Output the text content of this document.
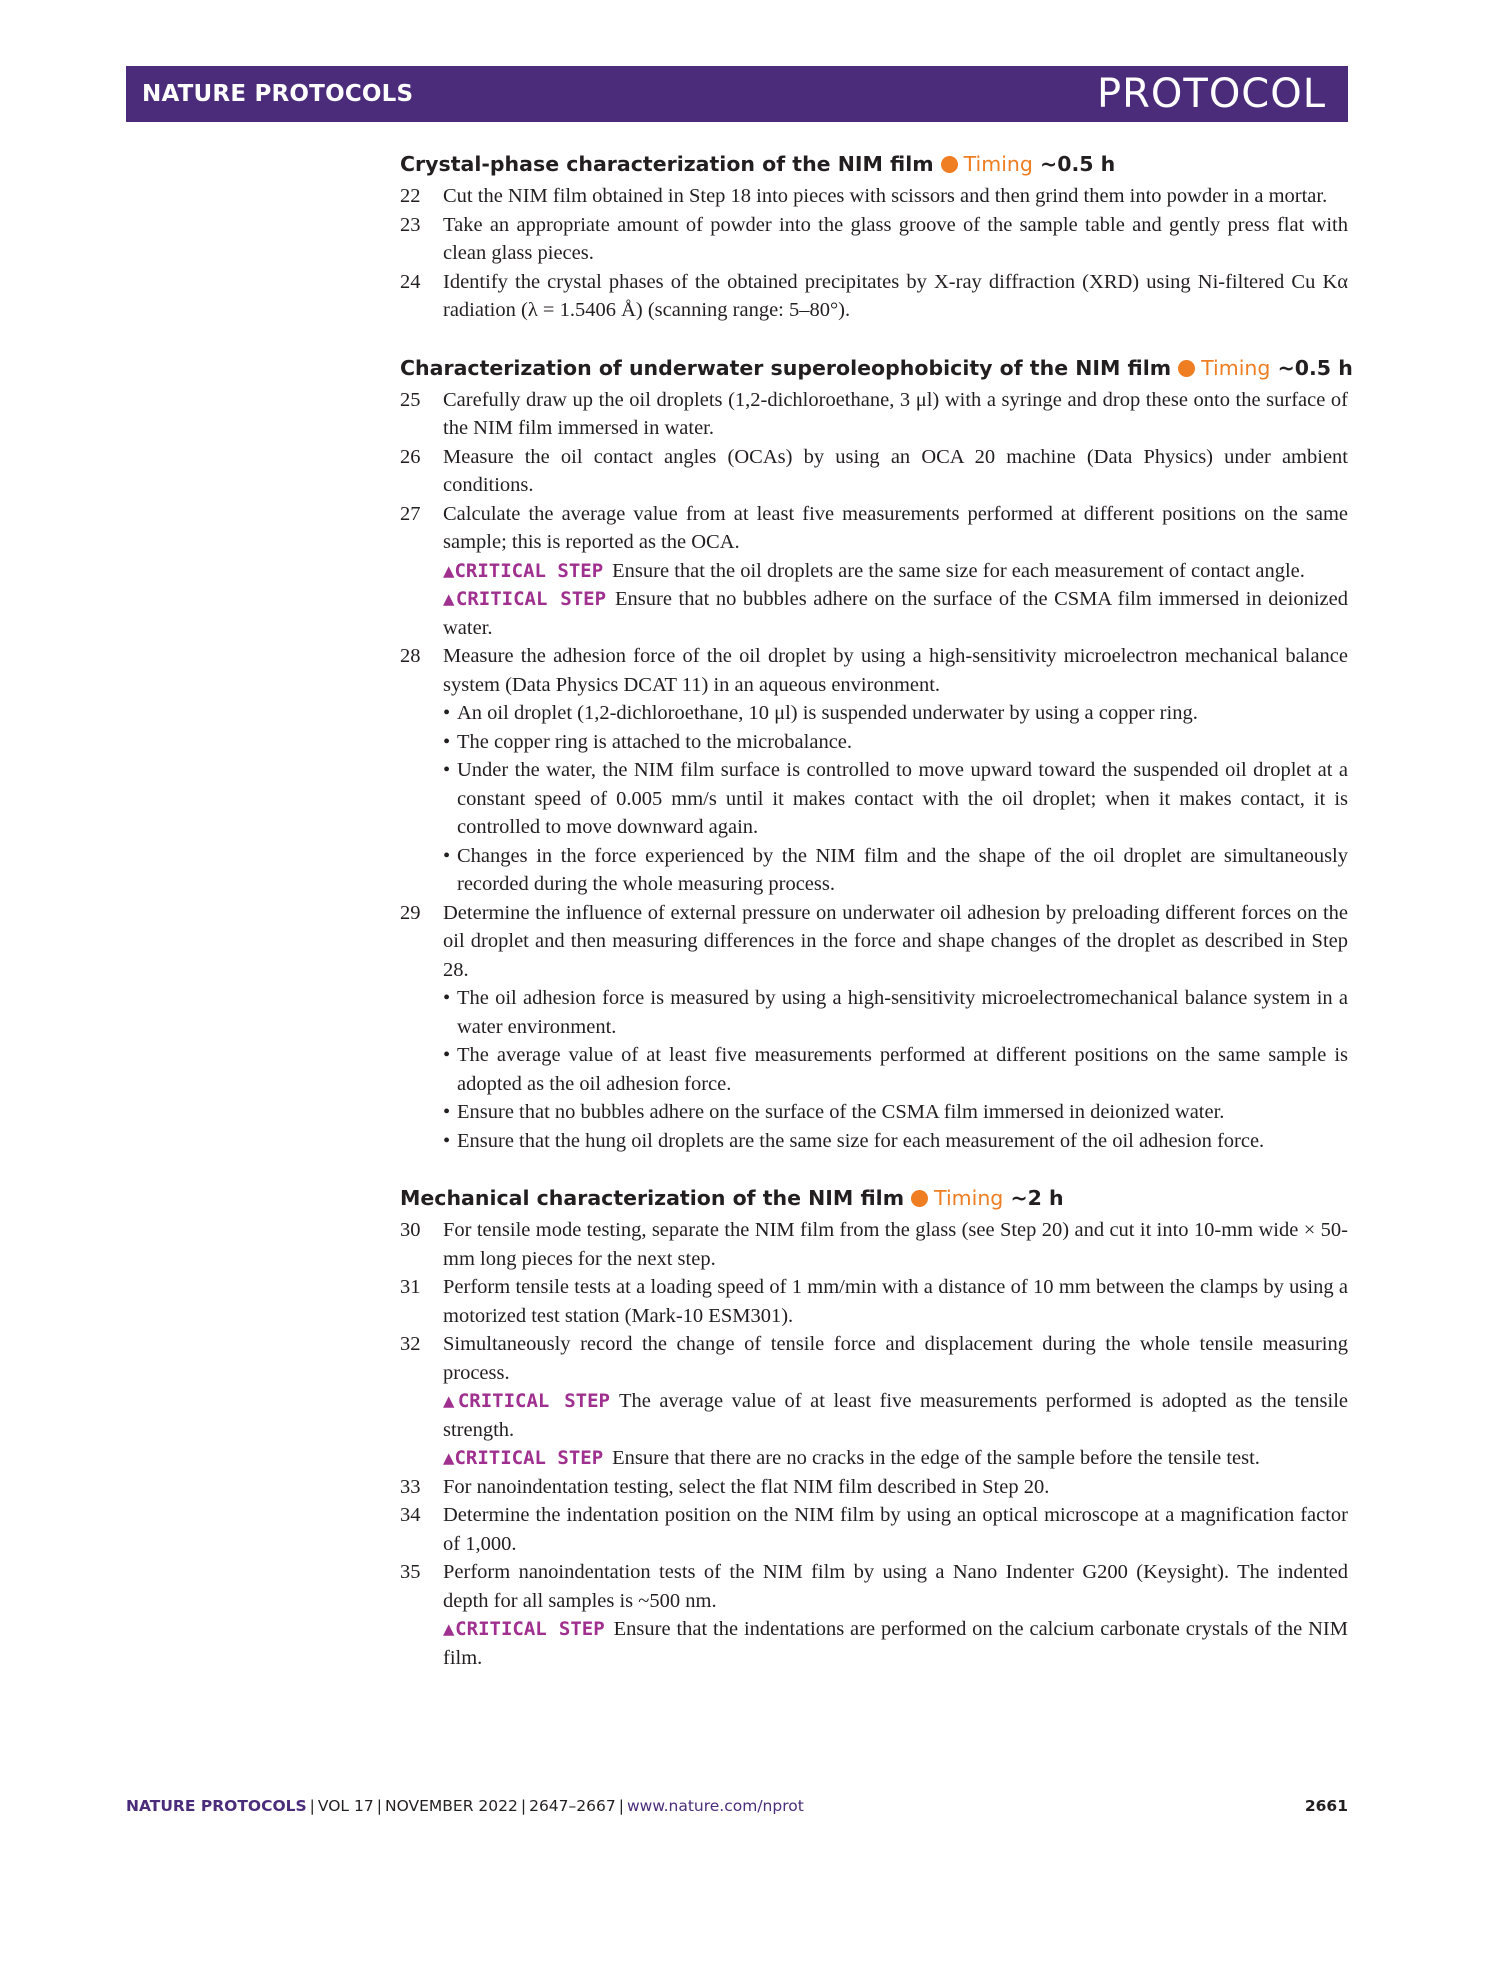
NATURE PROTOCOLS	PROTOCOL
Crystal-phase characterization of the NIM film Timing ~0.5 h
22 Cut the NIM film obtained in Step 18 into pieces with scissors and then grind them into powder in a mortar.

23 Take an appropriate amount of powder into the glass groove of the sample table and gently press flat with clean glass pieces.

24 Identify the crystal phases of the obtained precipitates by X-ray diffraction (XRD) using Ni-filtered Cu Kα radiation (λ = 1.5406 Å) (scanning range: 5–80°).

Characterization of underwater superoleophobicity of the NIM film Timing ~0.5 h
25 Carefully draw up the oil droplets (1,2-dichloroethane, 3 μl) with a syringe and drop these onto the surface of the NIM film immersed in water.

26 Measure the oil contact angles (OCAs) by using an OCA 20 machine (Data Physics) under ambient conditions.

27 Calculate the average value from at least five measurements performed at different positions on the same sample; this is reported as the OCA.

▲CRITICAL STEP Ensure that the oil droplets are the same size for each measurement of contact angle.

▲CRITICAL STEP Ensure that no bubbles adhere on the surface of the CSMA film immersed in deionized water.

28 Measure the adhesion force of the oil droplet by using a high-sensitivity microelectron mechanical balance system (Data Physics DCAT 11) in an aqueous environment.

• An oil droplet (1,2-dichloroethane, 10 μl) is suspended underwater by using a copper ring.
• The copper ring is attached to the microbalance.
• Under the water, the NIM film surface is controlled to move upward toward the suspended oil droplet at a constant speed of 0.005 mm/s until it makes contact with the oil droplet; when it makes contact, it is controlled to move downward again.
• Changes in the force experienced by the NIM film and the shape of the oil droplet are simultaneously recorded during the whole measuring process.
29 Determine the influence of external pressure on underwater oil adhesion by preloading different forces on the oil droplet and then measuring differences in the force and shape changes of the droplet as described in Step 28.

• The oil adhesion force is measured by using a high-sensitivity microelectromechanical balance system in a water environment.
• The average value of at least five measurements performed at different positions on the same sample is adopted as the oil adhesion force.
• Ensure that no bubbles adhere on the surface of the CSMA film immersed in deionized water.
• Ensure that the hung oil droplets are the same size for each measurement of the oil adhesion force.
Mechanical characterization of the NIM film Timing ~2 h
30 For tensile mode testing, separate the NIM film from the glass (see Step 20) and cut it into 10-mm wide × 50-mm long pieces for the next step.

31 Perform tensile tests at a loading speed of 1 mm/min with a distance of 10 mm between the clamps by using a motorized test station (Mark-10 ESM301).

32 Simultaneously record the change of tensile force and displacement during the whole tensile measuring process.

▲CRITICAL STEP The average value of at least five measurements performed is adopted as the tensile strength.

▲CRITICAL STEP Ensure that there are no cracks in the edge of the sample before the tensile test.

33 For nanoindentation testing, select the flat NIM film described in Step 20.

34 Determine the indentation position on the NIM film by using an optical microscope at a magnification factor of 1,000.

35 Perform nanoindentation tests of the NIM film by using a Nano Indenter G200 (Keysight). The indented depth for all samples is ~500 nm.

▲CRITICAL STEP Ensure that the indentations are performed on the calcium carbonate crystals of the NIM film.

NATURE PROTOCOLS | VOL 17 | NOVEMBER 2022 | 2647–2667 | www.nature.com/nprot	2661
